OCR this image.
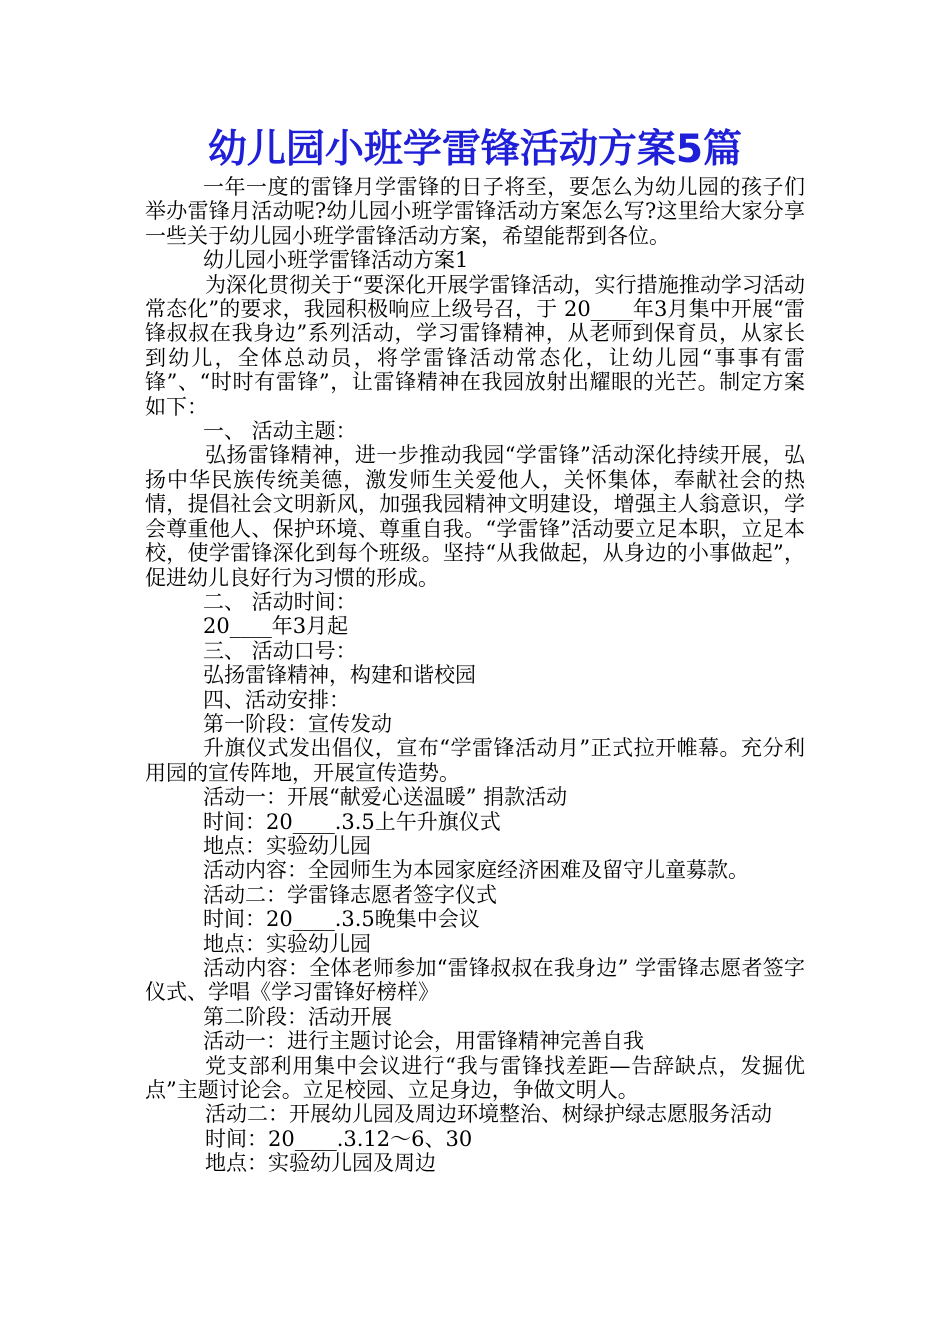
幼儿园小班学雷锋活动方案5篇

一年一度的雷锋月学雷锋的日子将至，要怎么为幼儿园的孩子们举办雷锋月活动呢?幼儿园小班学雷锋活动方案怎么写?这里给大家分享一些关于幼儿园小班学雷锋活动方案，希望能帮到各位。

幼儿园小班学雷锋活动方案1

为深化贯彻关于“要深化开展学雷锋活动，实行措施推动学习活动常态化”的要求，我园积极响应上级号召，于 20____年3月集中开展“雷锋叔叔在我身边”系列活动，学习雷锋精神，从老师到保育员，从家长到幼儿，全体总动员，将学雷锋活动常态化，让幼儿园“事事有雷锋”、“时时有雷锋”，让雷锋精神在我园放射出耀眼的光芒。制定方案如下：

一、 活动主题：

弘扬雷锋精神，进一步推动我园“学雷锋”活动深化持续开展，弘扬中华民族传统美德，激发师生关爱他人，关怀集体，奉献社会的热情，提倡社会文明新风，加强我园精神文明建设，增强主人翁意识，学会尊重他人、保护环境、尊重自我。“学雷锋”活动要立足本职，立足本校，使学雷锋深化到每个班级。坚持“从我做起，从身边的小事做起”，促进幼儿良好行为习惯的形成。

二、 活动时间：

20____年3月起

三、 活动口号：

弘扬雷锋精神，构建和谐校园

四、活动安排：

第一阶段：宣传发动

升旗仪式发出倡仪，宣布“学雷锋活动月”正式拉开帷幕。充分利用园的宣传阵地，开展宣传造势。

活动一：开展“献爱心送温暖” 捐款活动

时间：20____.3.5上午升旗仪式

地点：实验幼儿园

活动内容：全园师生为本园家庭经济困难及留守儿童募款。

活动二：学雷锋志愿者签字仪式

时间：20____.3.5晚集中会议

地点：实验幼儿园

活动内容：全体老师参加“雷锋叔叔在我身边” 学雷锋志愿者签字仪式、学唱《学习雷锋好榜样》

第二阶段：活动开展

活动一：进行主题讨论会，用雷锋精神完善自我

党支部利用集中会议进行“我与雷锋找差距—告辞缺点，发掘优点”主题讨论会。立足校园、立足身边，争做文明人。

活动二：开展幼儿园及周边环境整治、树绿护绿志愿服务活动

时间：20____.3.12～6、30

地点：实验幼儿园及周边
